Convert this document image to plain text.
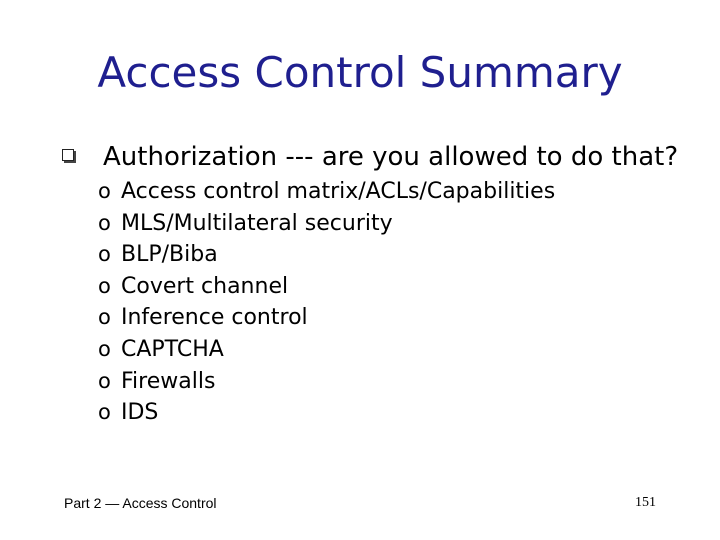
Access Control Summary
Authorization --- are you allowed to do that?
o Access control matrix/ACLs/Capabilities
o MLS/Multilateral security
o BLP/Biba
o Covert channel
o Inference control
o CAPTCHA
o Firewalls
o IDS
Part 2 — Access Control	151
